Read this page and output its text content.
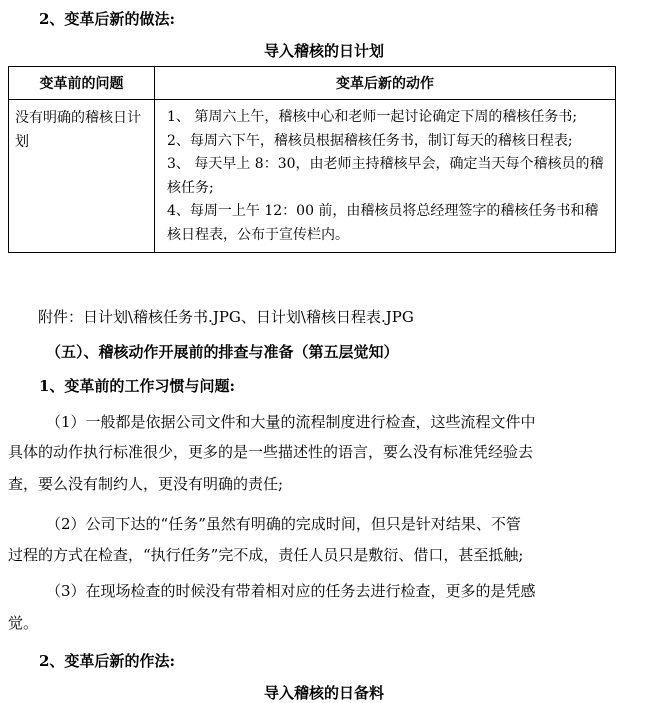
2、变革后新的做法:
导入稽核的日计划
变革前的问题	变革后新的动作
没有明确的稽核日计划	1、 第周六上午，稽核中心和老师一起讨论确定下周的稽核任务书;
2、每周六下午，稽核员根据稽核任务书，制订每天的稽核日程表;
3、 每天早上 8：30，由老师主持稽核早会，确定当天每个稽核员的稽核任务;
4、每周一上午 12：00 前，由稽核员将总经理签字的稽核任务书和稽核日程表，公布于宣传栏内。
附件：日计划\稽核任务书.JPG、日计划\稽核日程表.JPG
（五）、稽核动作开展前的排查与准备（第五层觉知）
1、变革前的工作习惯与问题:
（1）一般都是依据公司文件和大量的流程制度进行检查，这些流程文件中
具体的动作执行标准很少，更多的是一些描述性的语言，要么没有标准凭经验去
查，要么没有制约人，更没有明确的责任;
（2）公司下达的“任务”虽然有明确的完成时间，但只是针对结果、不管
过程的方式在检查，“执行任务”完不成，责任人员只是敷衍、借口，甚至抵触;
（3）在现场检查的时候没有带着相对应的任务去进行检查，更多的是凭感
觉。
2、变革后新的作法:
导入稽核的日备料
